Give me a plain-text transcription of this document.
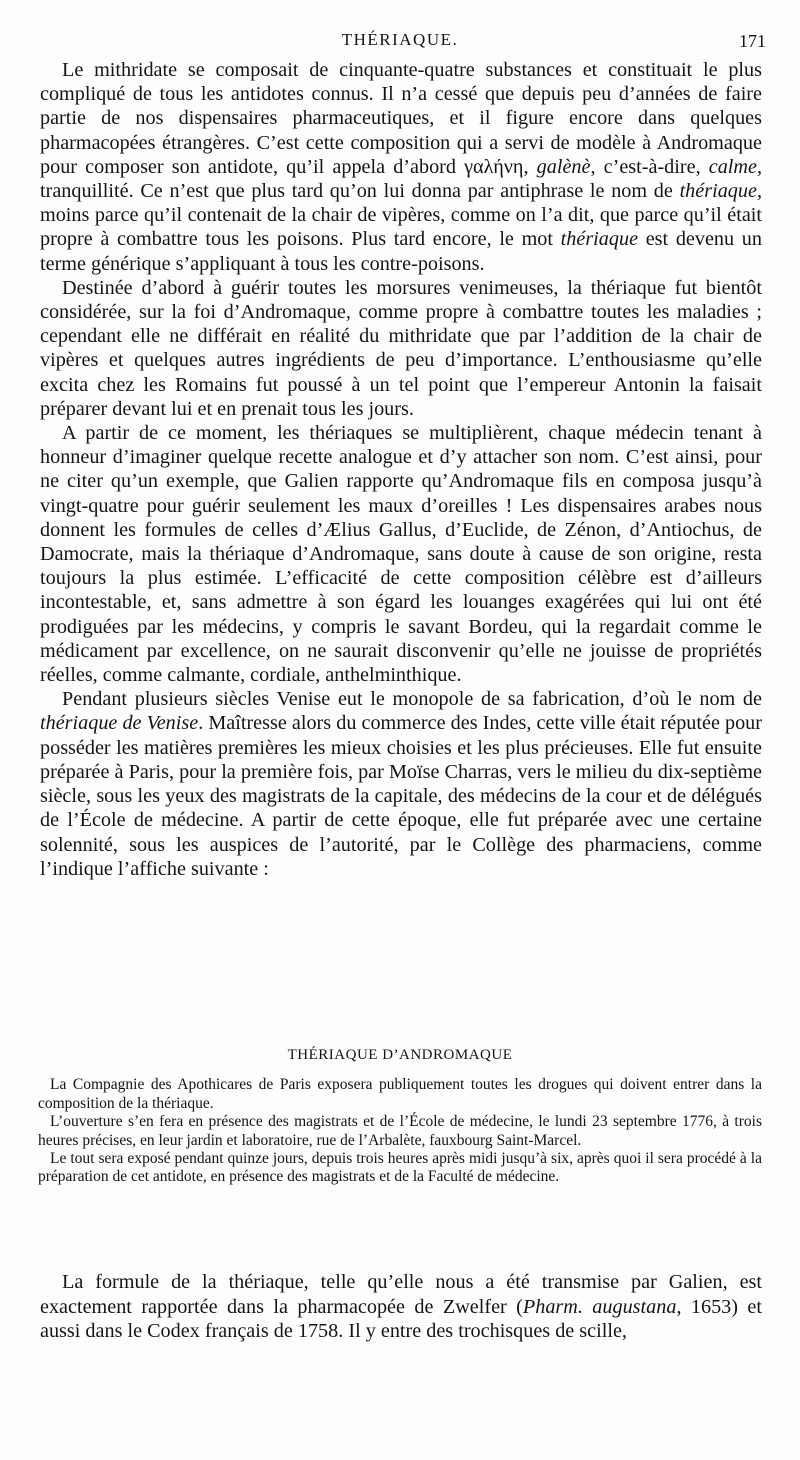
THÉRIAQUE.	171

Le mithridate se composait de cinquante-quatre substances et constituait le plus compliqué de tous les antidotes connus. Il n’a cessé que depuis peu d’années de faire partie de nos dispensaires pharmaceutiques, et il figure encore dans quelques pharmacopées étrangères. C’est cette composition qui a servi de modèle à Andromaque pour composer son antidote, qu’il appela d’abord γαλήνη, galènè, c’est-à-dire, calme, tranquillité. Ce n’est que plus tard qu’on lui donna par antiphrase le nom de thériaque, moins parce qu’il contenait de la chair de vipères, comme on l’a dit, que parce qu’il était propre à combattre tous les poisons. Plus tard encore, le mot thériaque est devenu un terme générique s’appliquant à tous les contre-poisons.

Destinée d’abord à guérir toutes les morsures venimeuses, la thériaque fut bientôt considérée, sur la foi d’Andromaque, comme propre à combattre toutes les maladies ; cependant elle ne différait en réalité du mithridate que par l’addition de la chair de vipères et quelques autres ingrédients de peu d’importance. L’enthousiasme qu’elle excita chez les Romains fut poussé à un tel point que l’empereur Antonin la faisait préparer devant lui et en prenait tous les jours.

A partir de ce moment, les thériaques se multiplièrent, chaque médecin tenant à honneur d’imaginer quelque recette analogue et d’y attacher son nom. C’est ainsi, pour ne citer qu’un exemple, que Galien rapporte qu’Andromaque fils en composa jusqu’à vingt-quatre pour guérir seulement les maux d’oreilles ! Les dispensaires arabes nous donnent les formules de celles d’Ælius Gallus, d’Euclide, de Zénon, d’Antiochus, de Damocrate, mais la thériaque d’Andromaque, sans doute à cause de son origine, resta toujours la plus estimée. L’efficacité de cette composition célèbre est d’ailleurs incontestable, et, sans admettre à son égard les louanges exagérées qui lui ont été prodiguées par les médecins, y compris le savant Bordeu, qui la regardait comme le médicament par excellence, on ne saurait disconvenir qu’elle ne jouisse de propriétés réelles, comme calmante, cordiale, anthelminthique.

Pendant plusieurs siècles Venise eut le monopole de sa fabrication, d’où le nom de thériaque de Venise. Maîtresse alors du commerce des Indes, cette ville était réputée pour posséder les matières premières les mieux choisies et les plus précieuses. Elle fut ensuite préparée à Paris, pour la première fois, par Moïse Charras, vers le milieu du dix-septième siècle, sous les yeux des magistrats de la capitale, des médecins de la cour et de délégués de l’École de médecine. A partir de cette époque, elle fut préparée avec une certaine solennité, sous les auspices de l’autorité, par le Collège des pharmaciens, comme l’indique l’affiche suivante :

THÉRIAQUE D’ANDROMAQUE

La Compagnie des Apothicares de Paris exposera publiquement toutes les drogues qui doivent entrer dans la composition de la thériaque.

L’ouverture s’en fera en présence des magistrats et de l’École de médecine, le lundi 23 septembre 1776, à trois heures précises, en leur jardin et laboratoire, rue de l’Arbalète, fauxbourg Saint-Marcel.

Le tout sera exposé pendant quinze jours, depuis trois heures après midi jusqu’à six, après quoi il sera procédé à la préparation de cet antidote, en présence des magistrats et de la Faculté de médecine.

La formule de la thériaque, telle qu’elle nous a été transmise par Galien, est exactement rapportée dans la pharmacopée de Zwelfer (Pharm. augustana, 1653) et aussi dans le Codex français de 1758. Il y entre des trochisques de scille,
